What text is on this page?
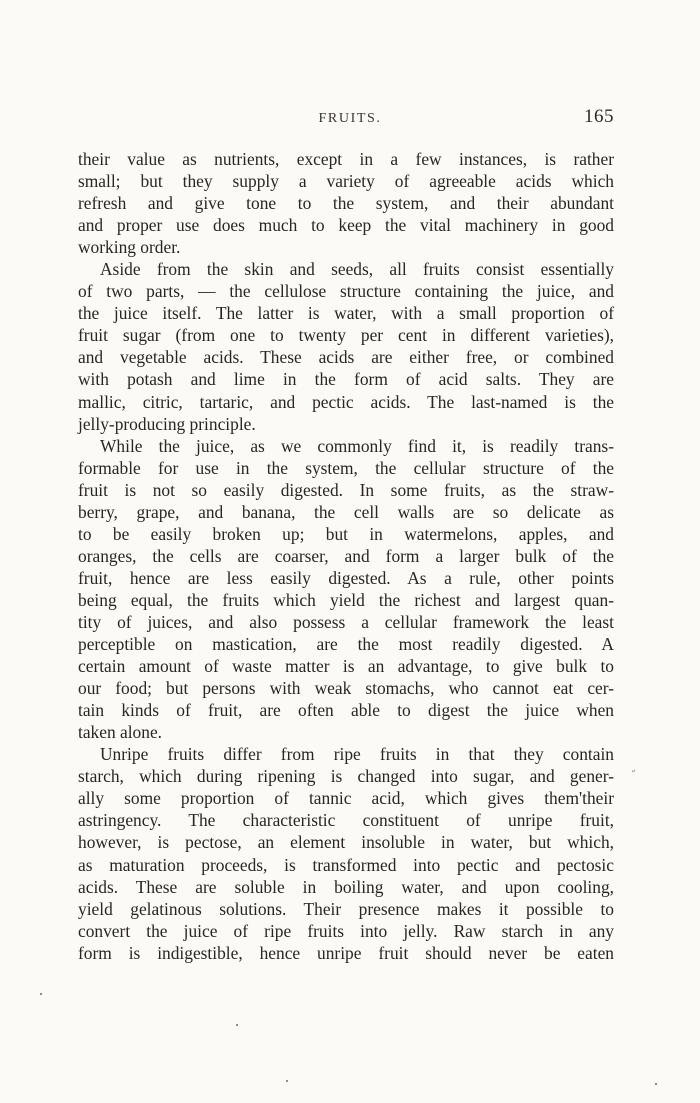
FRUITS.	165
their value as nutrients, except in a few instances, is rather
small; but they supply a variety of agreeable acids which
refresh and give tone to the system, and their abundant
and proper use does much to keep the vital machinery in good
working order.
Aside from the skin and seeds, all fruits consist essentially
of two parts, — the cellulose structure containing the juice, and
the juice itself. The latter is water, with a small proportion of
fruit sugar (from one to twenty per cent in different varieties),
and vegetable acids. These acids are either free, or combined
with potash and lime in the form of acid salts. They are
mallic, citric, tartaric, and pectic acids. The last-named is the
jelly-producing principle.
While the juice, as we commonly find it, is readily trans-
formable for use in the system, the cellular structure of the
fruit is not so easily digested. In some fruits, as the straw-
berry, grape, and banana, the cell walls are so delicate as
to be easily broken up; but in watermelons, apples, and
oranges, the cells are coarser, and form a larger bulk of the
fruit, hence are less easily digested. As a rule, other points
being equal, the fruits which yield the richest and largest quan-
tity of juices, and also possess a cellular framework the least
perceptible on mastication, are the most readily digested. A
certain amount of waste matter is an advantage, to give bulk to
our food; but persons with weak stomachs, who cannot eat cer-
tain kinds of fruit, are often able to digest the juice when
taken alone.
Unripe fruits differ from ripe fruits in that they contain
starch, which during ripening is changed into sugar, and gener-
ally some proportion of tannic acid, which gives them'their
astringency. The characteristic constituent of unripe fruit,
however, is pectose, an element insoluble in water, but which,
as maturation proceeds, is transformed into pectic and pectosic
acids. These are soluble in boiling water, and upon cooling,
yield gelatinous solutions. Their presence makes it possible to
convert the juice of ripe fruits into jelly. Raw starch in any
form is indigestible, hence unripe fruit should never be eaten
ᵕ
